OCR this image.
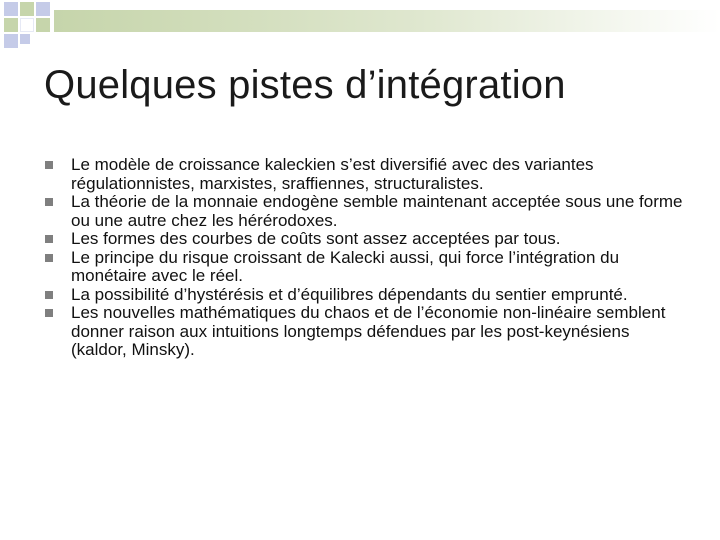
Quelques pistes d’intégration
Le modèle de croissance kaleckien s’est diversifié avec des variantes régulationnistes, marxistes, sraffiennes, structuralistes.
La théorie de la monnaie endogène semble maintenant acceptée sous une forme ou une autre chez les hérérodoxes.
Les formes des courbes de coûts sont assez acceptées par tous.
Le principe du risque croissant de Kalecki aussi, qui force l’intégration du monétaire avec le réel.
La possibilité d’hystérésis et d’équilibres dépendants du sentier emprunté.
Les nouvelles mathématiques du chaos et de l’économie non-linéaire semblent donner raison aux intuitions longtemps défendues par les post-keynésiens (kaldor, Minsky).
